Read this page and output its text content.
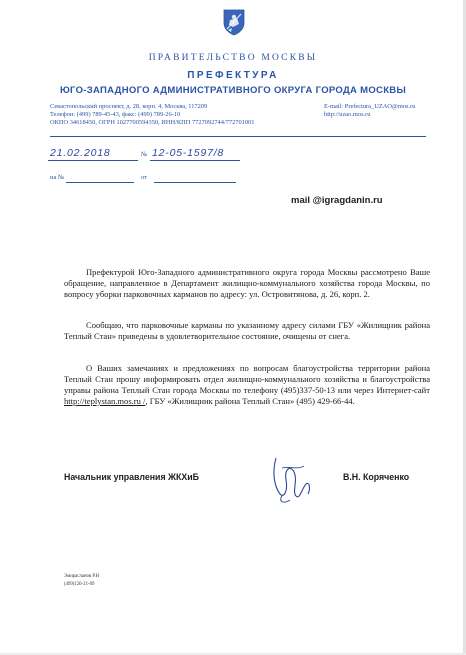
ПРАВИТЕЛЬСТВО МОСКВЫ
ПРЕФЕКТУРА
ЮГО-ЗАПАДНОГО АДМИНИСТРАТИВНОГО ОКРУГА ГОРОДА МОСКВЫ
Севастопольский проспект, д. 28, корп. 4, Москва, 117209
Телефон: (499) 789-45-43, факс: (499) 789-26-10
ОКПО 34618450, ОГРН 1027700594350, ИНН/КПП 7727092744/772701001
E-mail: Prefectura_UZAO@mos.ru
http://uzao.mos.ru
21.02.2018	№ 12-05-1597/8
на №	от
mail @igragdanin.ru

Префектурой Юго-Западного административного округа города Москвы рассмотрено Ваше обращение, направленное в Департамент жилищно-коммунального хозяйства города Москвы, по вопросу уборки парковочных карманов по адресу: ул. Островитянова, д. 26, корп. 2.

Сообщаю, что парковочные карманы по указанному адресу силами ГБУ «Жилищник района Теплый Стан» приведены в удовлетворительное состояние, очищены от снега.

О Ваших замечаниях и предложениях по вопросам благоустройства территории района Теплый Стан прошу информировать отдел жилищно-коммунального хозяйства и благоустройства управы района Теплый Стан города Москвы по телефону (495)337-50-13 или через Интернет-сайт http://teplystan.mos.ru /, ГБУ «Жилищник района Теплый Стан» (495) 429-66-44.

Начальник управления ЖКХиБ	В.Н. Коряченко
Эмирасланов Р.Н
(499)120-21-09
